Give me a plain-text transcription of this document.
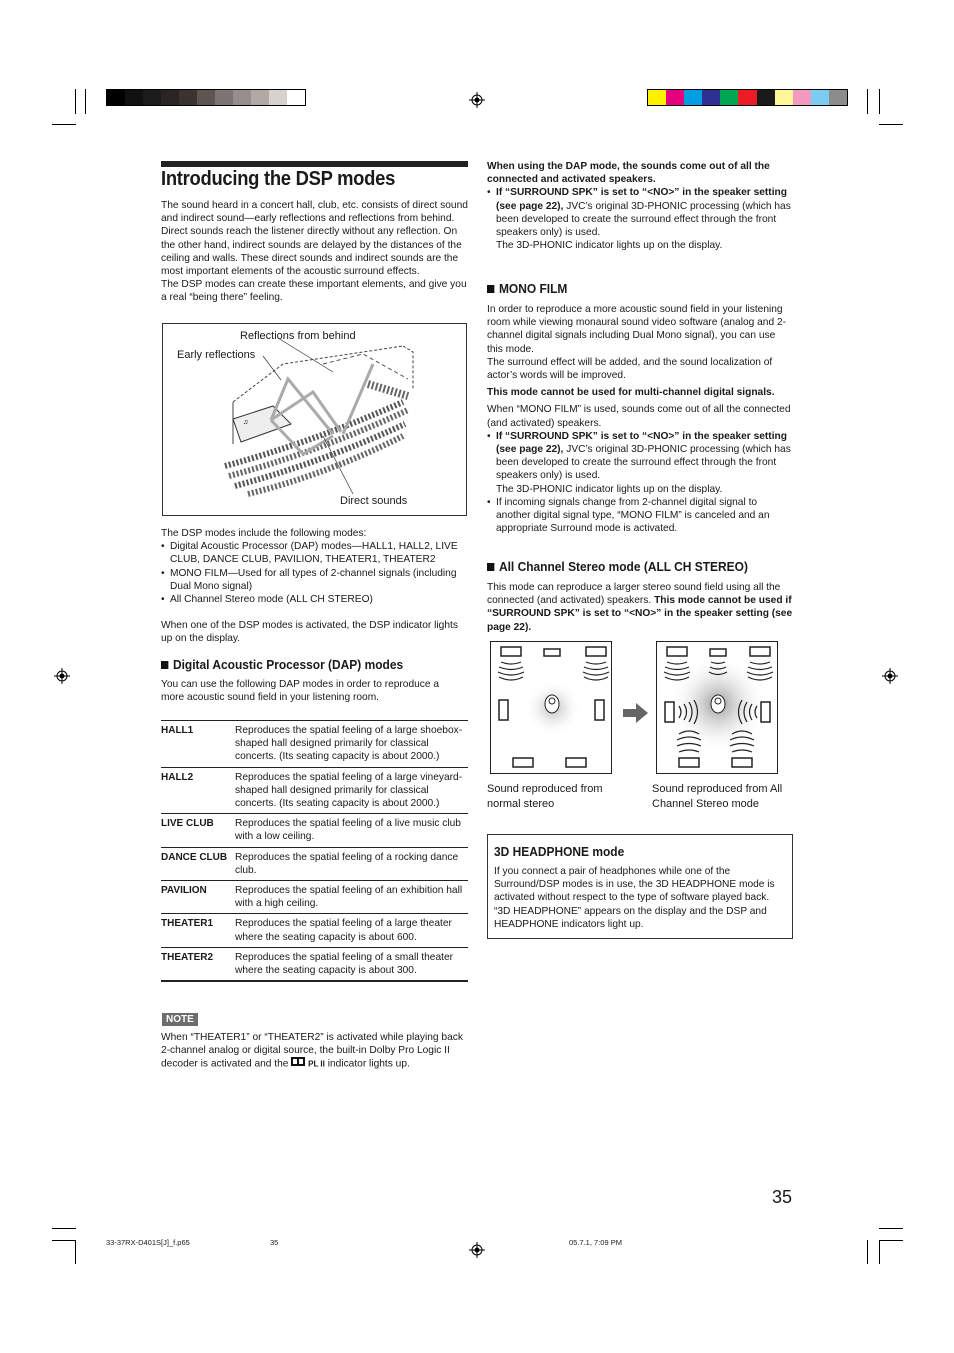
Introducing the DSP modes

The sound heard in a concert hall, club, etc. consists of direct sound and indirect sound—early reflections and reflections from behind. Direct sounds reach the listener directly without any reflection. On the other hand, indirect sounds are delayed by the distances of the ceiling and walls. These direct sounds and indirect sounds are the most important elements of the acoustic surround effects.

The DSP modes can create these important elements, and give you a real “being there” feeling.

Reflections from behind
Early reflections
Direct sounds
♫

The DSP modes include the following modes:

• Digital Acoustic Processor (DAP) modes—HALL1, HALL2, LIVE CLUB, DANCE CLUB, PAVILION, THEATER1, THEATER2
• MONO FILM—Used for all types of 2-channel signals (including Dual Mono signal)
• All Channel Stereo mode (ALL CH STEREO)

When one of the DSP modes is activated, the DSP indicator lights up on the display.

Digital Acoustic Processor (DAP) modes

You can use the following DAP modes in order to reproduce a more acoustic sound field in your listening room.

HALL1	Reproduces the spatial feeling of a large shoebox-shaped hall designed primarily for classical concerts. (Its seating capacity is about 2000.)
HALL2	Reproduces the spatial feeling of a large vineyard-shaped hall designed primarily for classical concerts. (Its seating capacity is about 2000.)
LIVE CLUB	Reproduces the spatial feeling of a live music club with a low ceiling.
DANCE CLUB Reproduces the spatial feeling of a rocking dance club.
PAVILION	Reproduces the spatial feeling of an exhibition hall with a high ceiling.
THEATER1	Reproduces the spatial feeling of a large theater where the seating capacity is about 600.
THEATER2	Reproduces the spatial feeling of a small theater where the seating capacity is about 300.
NOTE

When “THEATER1” or “THEATER2” is activated while playing back 2-channel analog or digital source, the built-in Dolby Pro Logic II decoder is activated and the PL II indicator lights up.

When using the DAP mode, the sounds come out of all the connected and activated speakers.

• If “SURROUND SPK” is set to “<NO>” in the speaker setting (see page 22), JVC’s original 3D-PHONIC processing (which has been developed to create the surround effect through the front speakers only) is used.
The 3D-PHONIC indicator lights up on the display.
MONO FILM

In order to reproduce a more acoustic sound field in your listening room while viewing monaural sound video software (analog and 2-channel digital signals including Dual Mono signal), you can use this mode.

The surround effect will be added, and the sound localization of actor’s words will be improved.

This mode cannot be used for multi-channel digital signals.

When “MONO FILM” is used, sounds come out of all the connected (and activated) speakers.

• If “SURROUND SPK” is set to “<NO>” in the speaker setting (see page 22), JVC’s original 3D-PHONIC processing (which has been developed to create the surround effect through the front speakers only) is used.
The 3D-PHONIC indicator lights up on the display.
• If incoming signals change from 2-channel digital signal to another digital signal type, “MONO FILM” is canceled and an appropriate Surround mode is activated.
All Channel Stereo mode (ALL CH STEREO)

This mode can reproduce a larger stereo sound field using all the connected (and activated) speakers. This mode cannot be used if “SURROUND SPK” is set to “<NO>” in the speaker setting (see page 22).

Sound reproduced from normal stereo

Sound reproduced from All Channel Stereo mode

3D HEADPHONE mode

If you connect a pair of headphones while one of the Surround/DSP modes is in use, the 3D HEADPHONE mode is activated without respect to the type of software played back. “3D HEADPHONE” appears on the display and the DSP and HEADPHONE indicators light up.

35
33-37RX-D401S[J]_f.p65	35	05.7.1, 7:09 PM
